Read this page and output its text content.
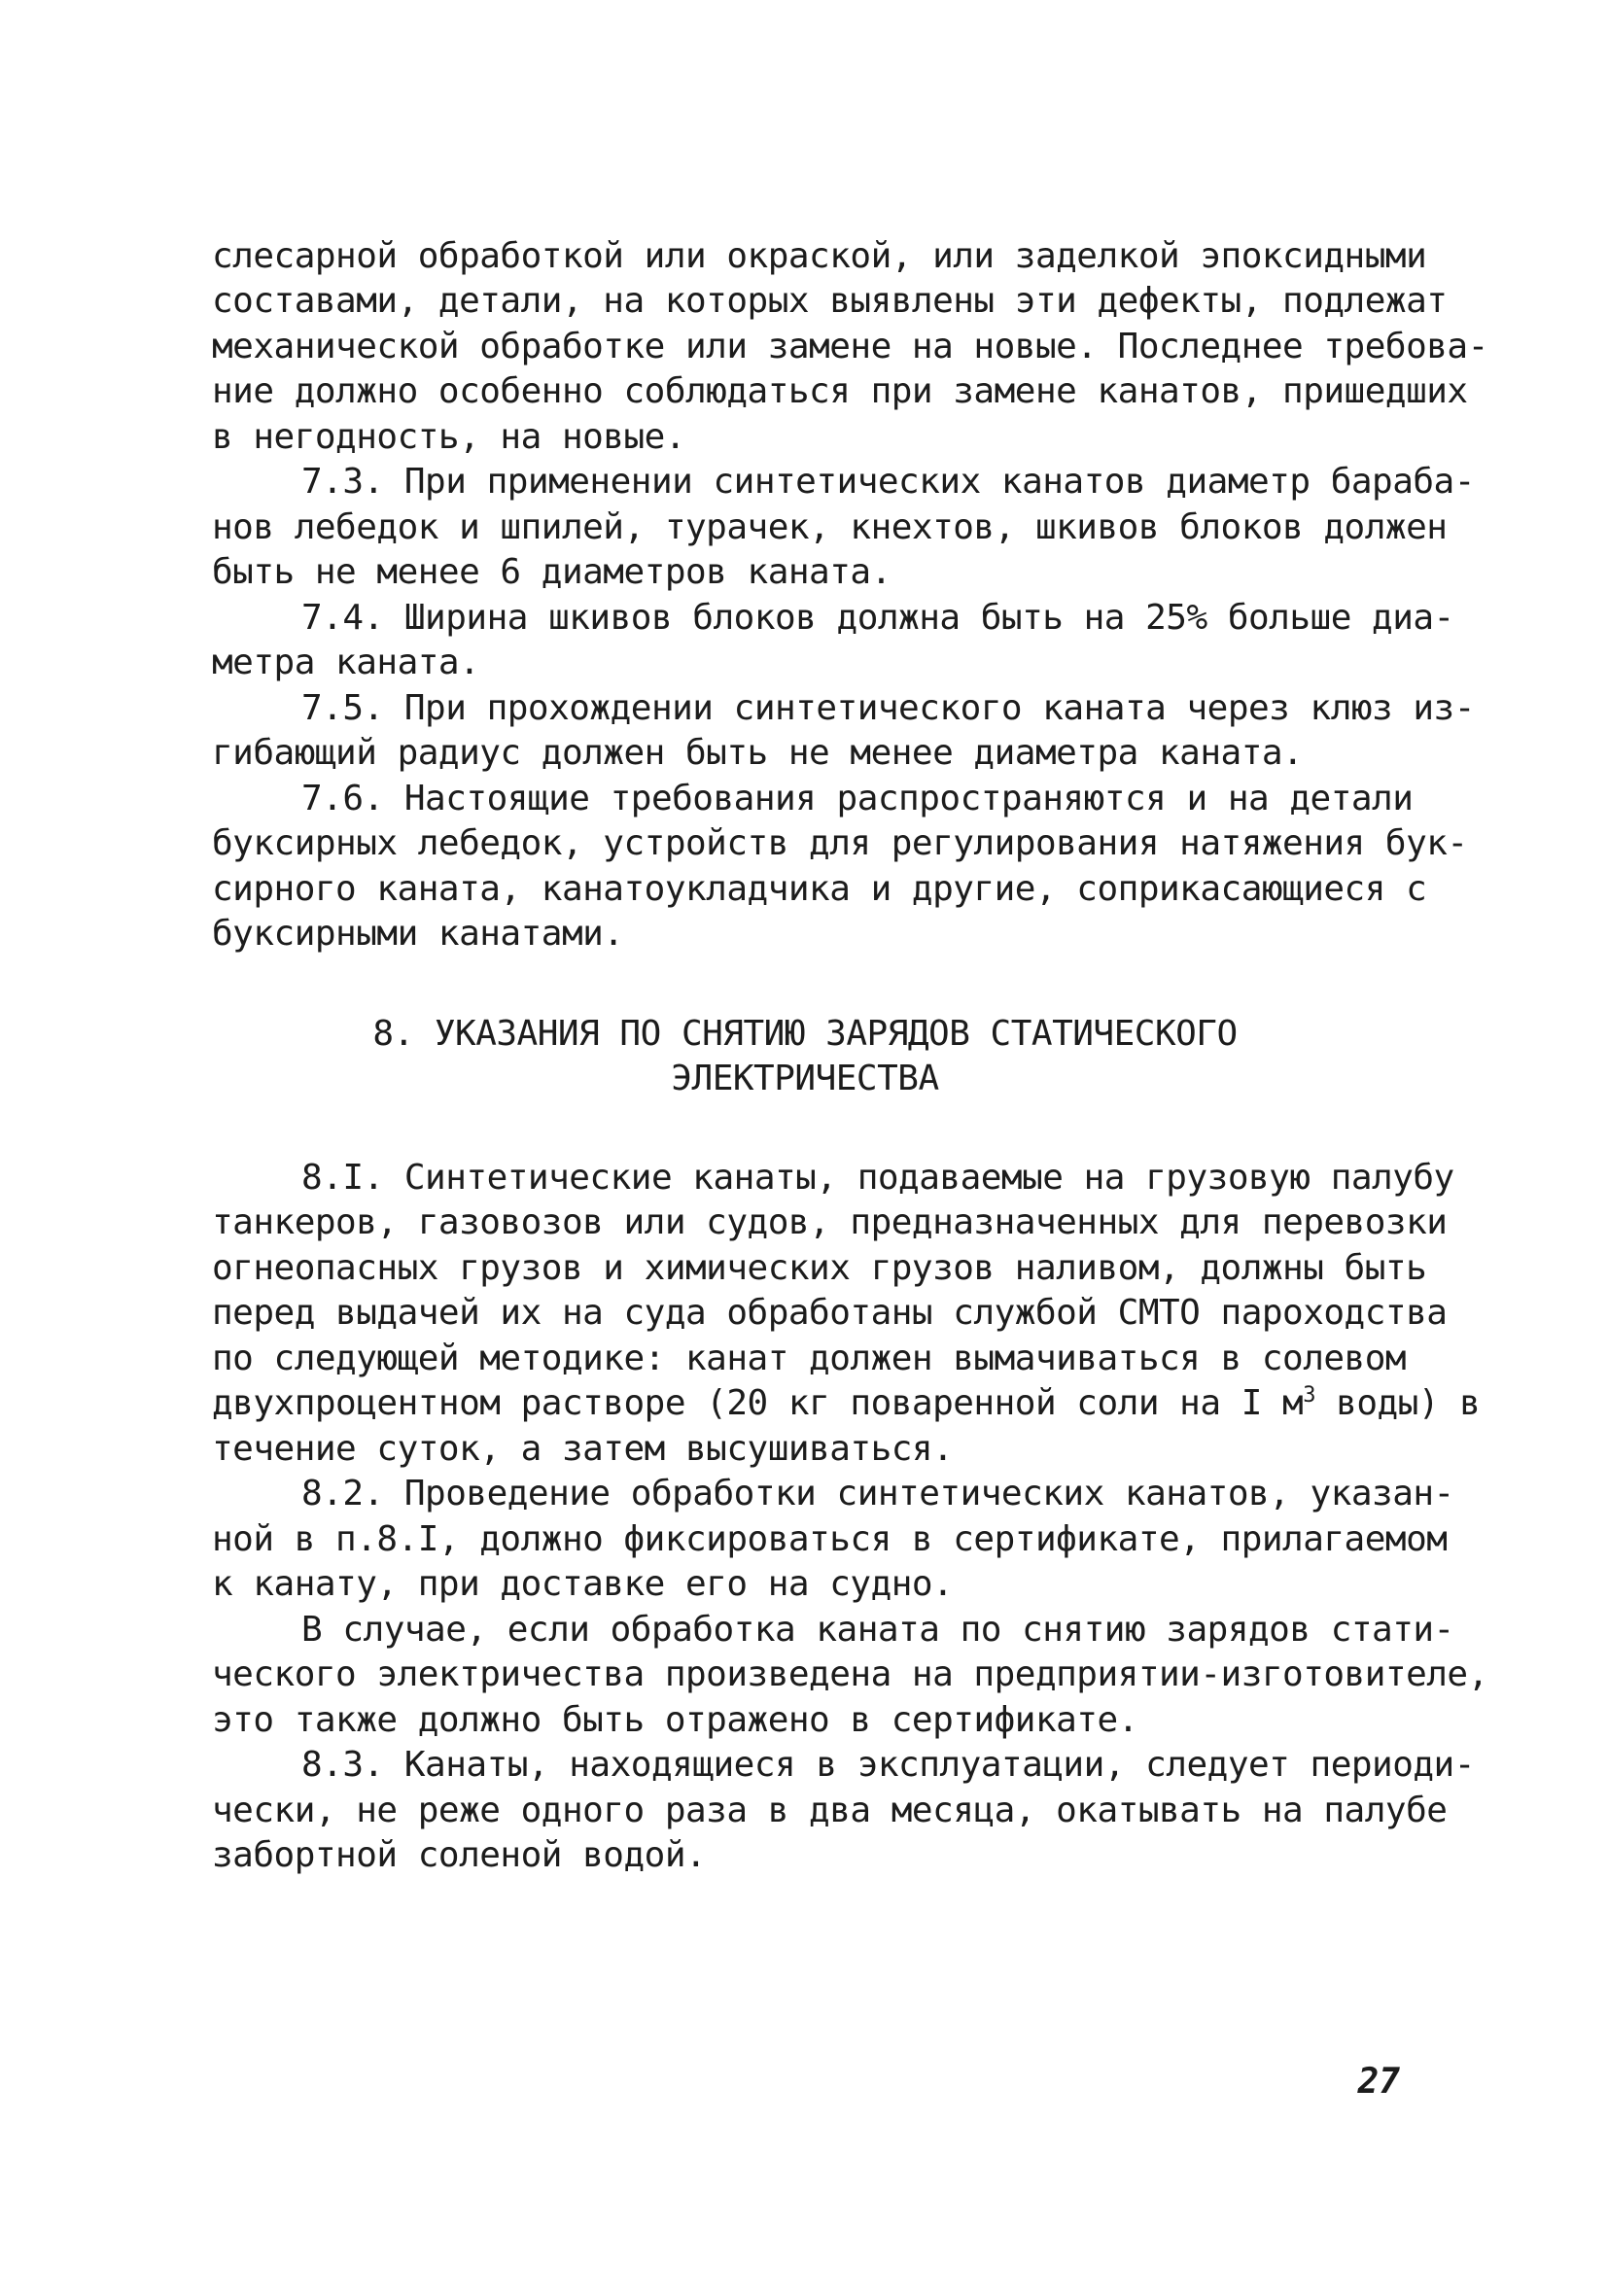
слесарной обработкой или окраской, или заделкой эпоксидными
составами, детали, на которых выявлены эти дефекты, подлежат
механической обработке или замене на новые. Последнее требова-
ние должно особенно соблюдаться при замене канатов, пришедших
в негодность, на новые.
7.3. При применении синтетических канатов диаметр бараба-
нов лебедок и шпилей, турачек, кнехтов, шкивов блоков должен
быть не менее 6 диаметров каната.
7.4. Ширина шкивов блоков должна быть на 25% больше диа-
метра каната.
7.5. При прохождении синтетического каната через клюз из-
гибающий радиус должен быть не менее диаметра каната.
7.6. Настоящие требования распространяются и на детали
буксирных лебедок, устройств для регулирования натяжения бук-
сирного каната, канатоукладчика и другие, соприкасающиеся с
буксирными канатами.
8. УКАЗАНИЯ ПО СНЯТИЮ ЗАРЯДОВ СТАТИЧЕСКОГО
ЭЛЕКТРИЧЕСТВА
8.I. Синтетические канаты, подаваемые на грузовую палубу
танкеров, газовозов или судов, предназначенных для перевозки
огнеопасных грузов и химических грузов наливом, должны быть
перед выдачей их на суда обработаны службой СМТО пароходства
по следующей методике: канат должен вымачиваться в солевом
двухпроцентном растворе (20 кг поваренной соли на I $м^3$ воды) в
течение суток, а затем высушиваться.
8.2. Проведение обработки синтетических канатов, указан-
ной в п.8.I, должно фиксироваться в сертификате, прилагаемом
к канату, при доставке его на судно.
В случае, если обработка каната по снятию зарядов стати-
ческого электричества произведена на предприятии-изготовителе,
это также должно быть отражено в сертификате.
8.3. Канаты, находящиеся в эксплуатации, следует периоди-
чески, не реже одного раза в два месяца, окатывать на палубе
забортной соленой водой.
27
